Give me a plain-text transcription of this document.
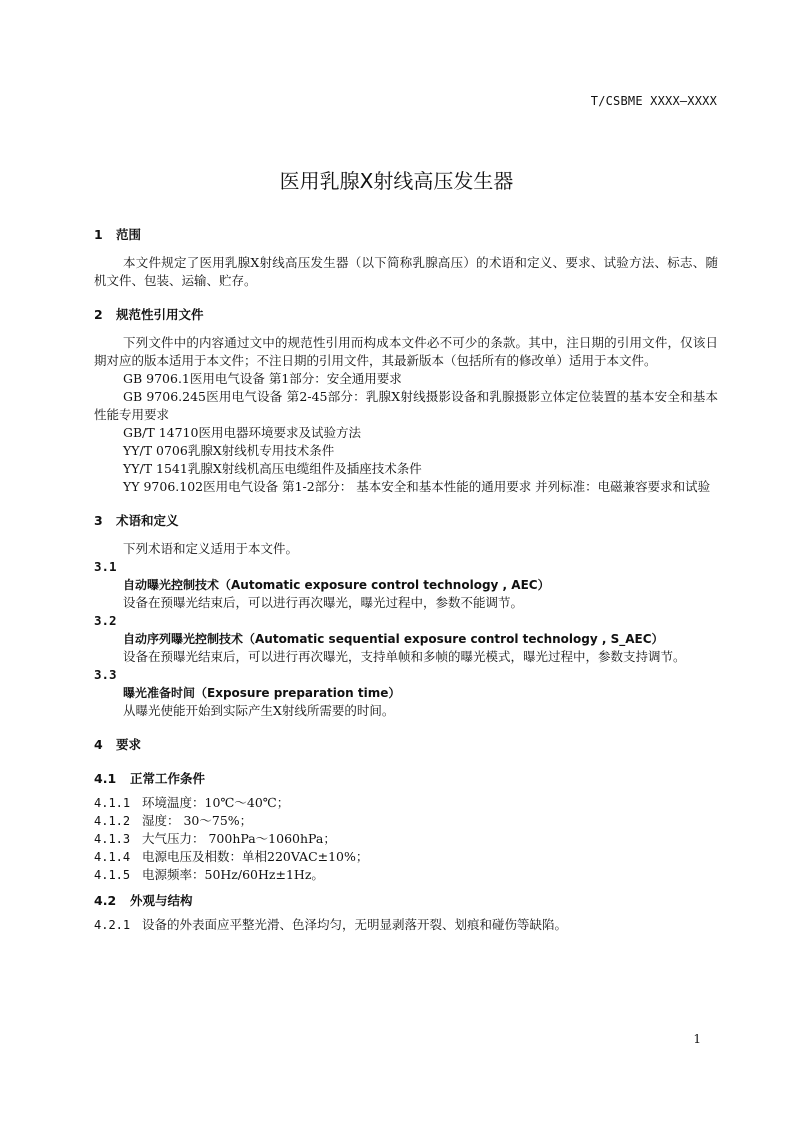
T/CSBME XXXX—XXXX
医用乳腺X射线高压发生器
1 范围

本文件规定了医用乳腺X射线高压发生器（以下简称乳腺高压）的术语和定义、要求、试验方法、标志、随机文件、包装、运输、贮存。

2 规范性引用文件

下列文件中的内容通过文中的规范性引用而构成本文件必不可少的条款。其中，注日期的引用文件，仅该日期对应的版本适用于本文件；不注日期的引用文件，其最新版本（包括所有的修改单）适用于本文件。

GB 9706.1医用电气设备 第1部分：安全通用要求

GB 9706.245医用电气设备 第2-45部分：乳腺X射线摄影设备和乳腺摄影立体定位装置的基本安全和基本性能专用要求

GB/T 14710医用电器环境要求及试验方法

YY/T 0706乳腺X射线机专用技术条件

YY/T 1541乳腺X射线机高压电缆组件及插座技术条件

YY 9706.102医用电气设备 第1-2部分： 基本安全和基本性能的通用要求 并列标准：电磁兼容要求和试验

3 术语和定义

下列术语和定义适用于本文件。

3.1
自动曝光控制技术（Automatic exposure control technology , AEC）

设备在预曝光结束后，可以进行再次曝光，曝光过程中，参数不能调节。

3.2
自动序列曝光控制技术（Automatic sequential exposure control technology , S_AEC）

设备在预曝光结束后，可以进行再次曝光，支持单帧和多帧的曝光模式，曝光过程中，参数支持调节。

3.3
曝光准备时间（Exposure preparation time）

从曝光使能开始到实际产生X射线所需要的时间。

4 要求
4.1 正常工作条件

4.1.1 环境温度：10℃～40℃；

4.1.2 湿度： 30～75%；

4.1.3 大气压力： 700hPa～1060hPa；

4.1.4 电源电压及相数：单相220VAC±10%；

4.1.5 电源频率：50Hz/60Hz±1Hz。

4.2 外观与结构

4.2.1 设备的外表面应平整光滑、色泽均匀，无明显剥落开裂、划痕和碰伤等缺陷。

1
